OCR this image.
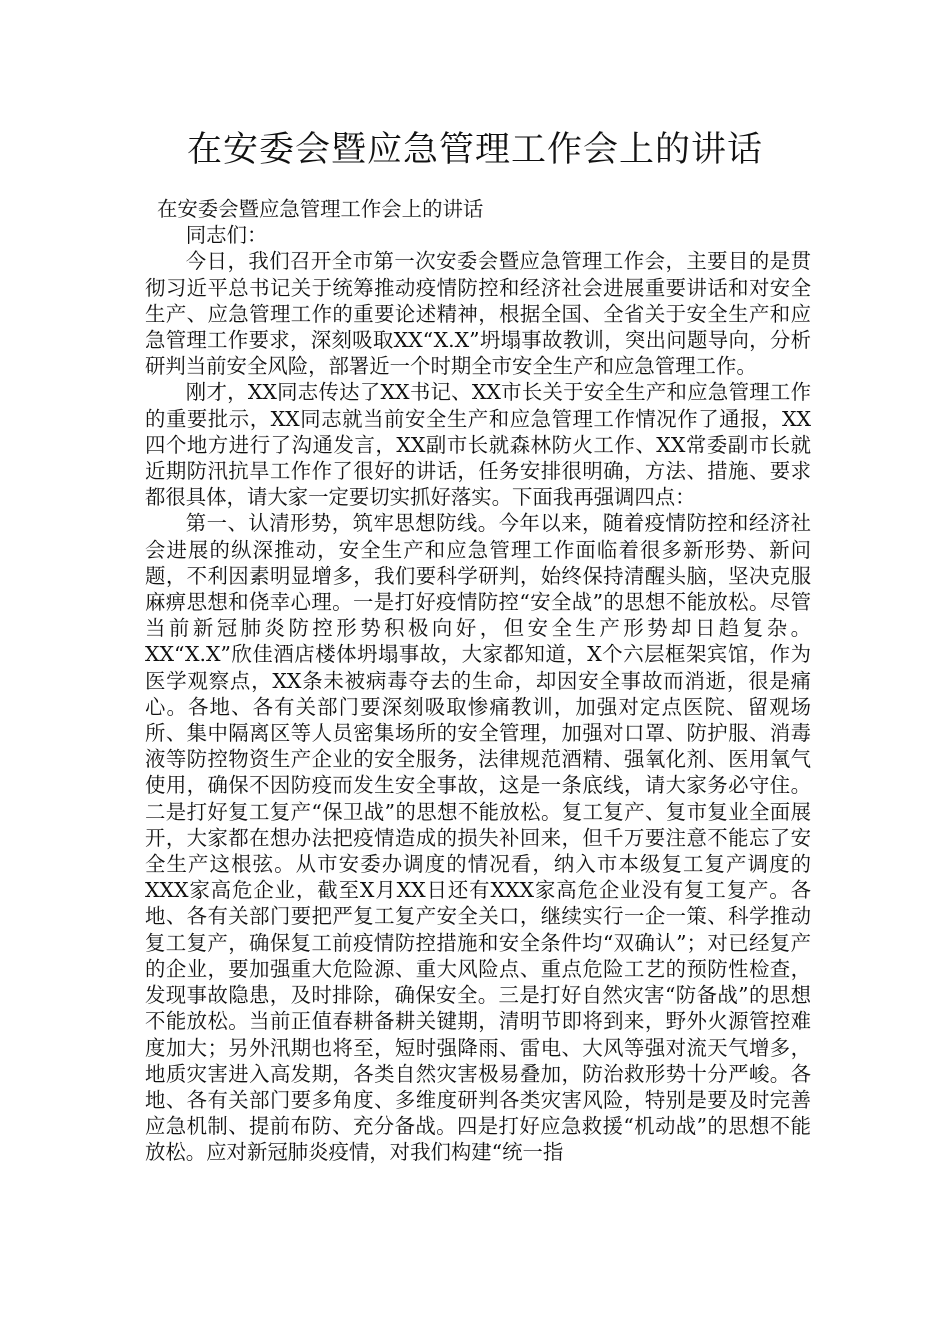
在安委会暨应急管理工作会上的讲话

在安委会暨应急管理工作会上的讲话

同志们：

今日，我们召开全市第一次安委会暨应急管理工作会，主要目的是贯彻习近平总书记关于统筹推动疫情防控和经济社会进展重要讲话和对安全生产、应急管理工作的重要论述精神，根据全国、全省关于安全生产和应急管理工作要求，深刻吸取XX“X.X”坍塌事故教训，突出问题导向，分析研判当前安全风险，部署近一个时期全市安全生产和应急管理工作。

刚才，XX同志传达了XX书记、XX市长关于安全生产和应急管理工作的重要批示，XX同志就当前安全生产和应急管理工作情况作了通报，XX四个地方进行了沟通发言，XX副市长就森林防火工作、XX常委副市长就近期防汛抗旱工作作了很好的讲话，任务安排很明确，方法、措施、要求都很具体，请大家一定要切实抓好落实。下面我再强调四点：

第一、认清形势，筑牢思想防线。今年以来，随着疫情防控和经济社会进展的纵深推动，安全生产和应急管理工作面临着很多新形势、新问题，不利因素明显增多，我们要科学研判，始终保持清醒头脑，坚决克服麻痹思想和侥幸心理。一是打好疫情防控“安全战”的思想不能放松。尽管当前新冠肺炎防控形势积极向好，但安全生产形势却日趋复杂。XX“X.X”欣佳酒店楼体坍塌事故，大家都知道，X个六层框架宾馆，作为医学观察点，XX条未被病毒夺去的生命，却因安全事故而消逝，很是痛心。各地、各有关部门要深刻吸取惨痛教训，加强对定点医院、留观场所、集中隔离区等人员密集场所的安全管理，加强对口罩、防护服、消毒液等防控物资生产企业的安全服务，法律规范酒精、强氧化剂、医用氧气使用，确保不因防疫而发生安全事故，这是一条底线，请大家务必守住。二是打好复工复产“保卫战”的思想不能放松。复工复产、复市复业全面展开，大家都在想办法把疫情造成的损失补回来，但千万要注意不能忘了安全生产这根弦。从市安委办调度的情况看，纳入市本级复工复产调度的XXX家高危企业，截至X月XX日还有XXX家高危企业没有复工复产。各地、各有关部门要把严复工复产安全关口，继续实行一企一策、科学推动复工复产，确保复工前疫情防控措施和安全条件均“双确认”；对已经复产的企业，要加强重大危险源、重大风险点、重点危险工艺的预防性检查，发现事故隐患，及时排除，确保安全。三是打好自然灾害“防备战”的思想不能放松。当前正值春耕备耕关键期，清明节即将到来，野外火源管控难度加大；另外汛期也将至，短时强降雨、雷电、大风等强对流天气增多，地质灾害进入高发期，各类自然灾害极易叠加，防治救形势十分严峻。各地、各有关部门要多角度、多维度研判各类灾害风险，特别是要及时完善应急机制、提前布防、充分备战。四是打好应急救援“机动战”的思想不能放松。应对新冠肺炎疫情，对我们构建“统一指
